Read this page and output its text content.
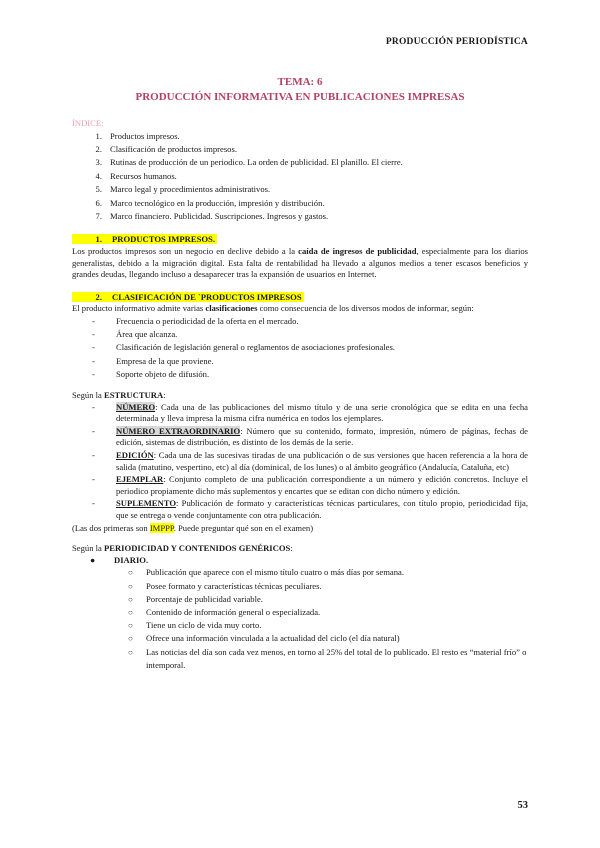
PRODUCCIÓN PERIODÍSTICA
TEMA: 6
PRODUCCIÓN INFORMATIVA EN PUBLICACIONES IMPRESAS
ÍNDICE:
1. Productos impresos.
2. Clasificación de productos impresos.
3. Rutinas de producción de un periodico. La orden de publicidad. El planillo. El cierre.
4. Recursos humanos.
5. Marco legal y procedimientos administrativos.
6. Marco tecnológico en la producción, impresión y distribución.
7. Marco financiero. Publicidad. Suscripciones. Ingresos y gastos.
1. PRODUCTOS IMPRESOS.

Los productos impresos son un negocio en declive debido a la caída de ingresos de publicidad, especialmente para los diarios generalistas, debido a la migración digital. Esta falta de rentabilidad ha llevado a algunos medios a tener escasos beneficios y grandes deudas, llegando incluso a desaparecer tras la expansión de usuarios en Internet.

2. CLASIFICACIÓN DE `PRODUCTOS IMPRESOS

El producto informativo admite varias clasificaciones como consecuencia de los diversos modos de informar, según:

-	Frecuencia o periodicidad de la oferta en el mercado.
-	Área que alcanza.
-	Clasificación de legislación general o reglamentos de asociaciones profesionales.
-	Empresa de la que proviene.
-	Soporte objeto de difusión.
Según la ESTRUCTURA:
-	NÚMERO: Cada una de las publicaciones del mismo título y de una serie cronológica que se edita en una fecha determinada y lleva impresa la misma cifra numérica en todos los ejemplares.
-	NÚMERO EXTRAORDINARIO: Número que su contenido, formato, impresión, número de páginas, fechas de edición, sistemas de distribución, es distinto de los demás de la serie.
-	EDICIÓN: Cada una de las sucesivas tiradas de una publicación o de sus versiones que hacen referencia a la hora de salida (matutino, vespertino, etc) al día (dominical, de los lunes) o al ámbito geográfico (Andalucía, Cataluña, etc)
-	EJEMPLAR: Conjunto completo de una publicación correspondiente a un número y edición concretos. Incluye el periodico propiamente dicho más suplementos y encartes que se editan con dicho número y edición.
-	SUPLEMENTO: Publicación de formato y características técnicas particulares, con título propio, periodicidad fija, que se entrega o vende conjuntamente con otra publicación.
(Las dos primeras son IMPPP. Puede preguntar qué son en el examen)
Según la PERIODICIDAD Y CONTENIDOS GENÉRICOS:
●	DIARIO .
○	Publicación que aparece con el mismo título cuatro o más días por semana.
○	Posee formato y características técnicas peculiares.
○	Porcentaje de publicidad variable.
○	Contenido de información general o especializada.
○	Tiene un ciclo de vida muy corto.
○	Ofrece una información vinculada a la actualidad del ciclo (el día natural)
○	Las noticias del día son cada vez menos, en torno al 25% del total de lo publicado. El resto es “material frío” o intemporal.
53
